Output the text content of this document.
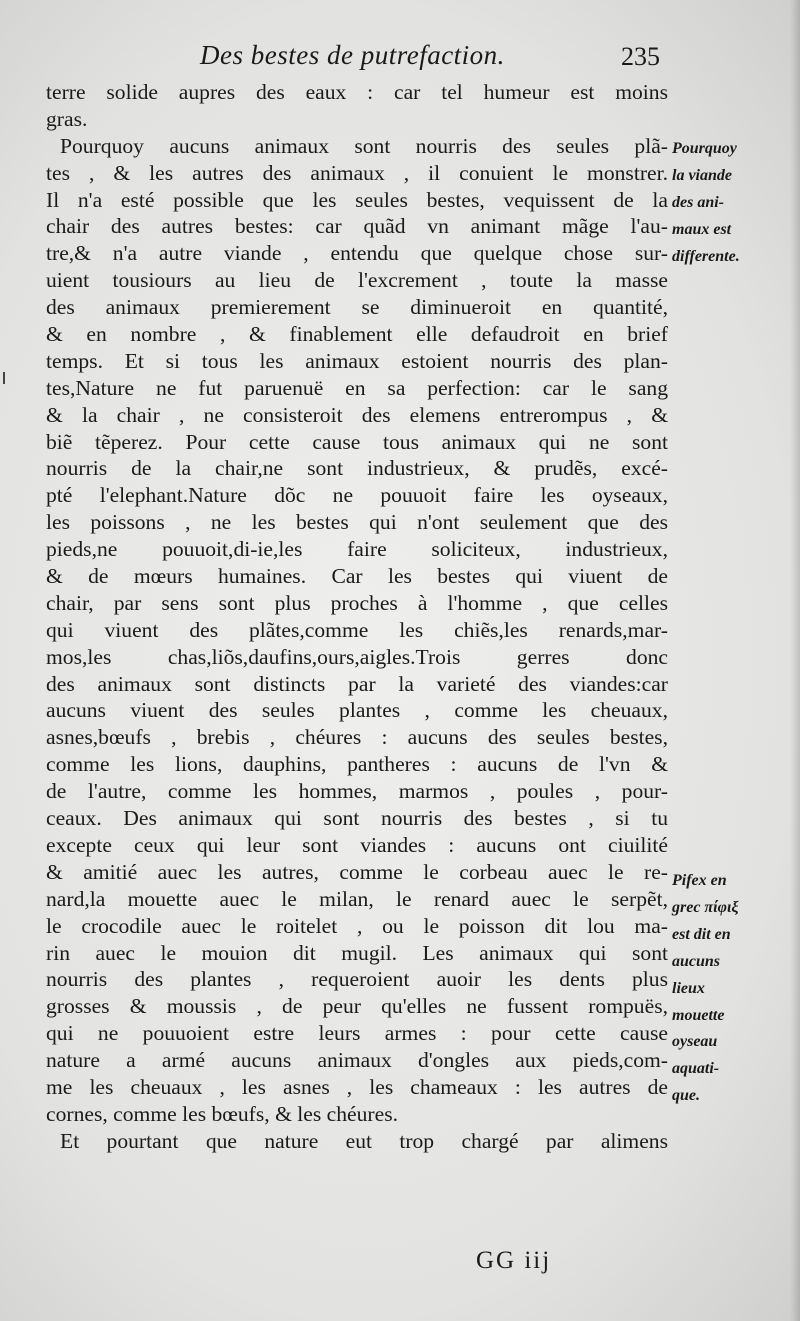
Des bestes de putrefaction.	235
terre solide aupres des eaux : car tel humeur est moins
gras.
Pourquoy aucuns animaux sont nourris des seules plã-
tes , & les autres des animaux , il conuient le monstrer.
Il n'a esté possible que les seules bestes, vequissent de la
chair des autres bestes: car quãd vn animant mãge l'au-
tre,& n'a autre viande , entendu que quelque chose sur-
uient tousiours au lieu de l'excrement , toute la masse
des animaux premierement se diminueroit en quantité,
& en nombre , & finablement elle defaudroit en brief
temps. Et si tous les animaux estoient nourris des plan-
tes,Nature ne fut paruenuë en sa perfection: car le sang
& la chair , ne consisteroit des elemens entrerompus , &
biẽ tẽperez. Pour cette cause tous animaux qui ne sont
nourris de la chair,ne sont industrieux, & prudẽs, excé-
pté l'elephant.Nature dõc ne pouuoit faire les oyseaux,
les poissons , ne les bestes qui n'ont seulement que des
pieds,ne pouuoit,di-ie,les faire soliciteux, industrieux,
& de mœurs humaines. Car les bestes qui viuent de
chair, par sens sont plus proches à l'homme , que celles
qui viuent des plãtes,comme les chiẽs,les renards,mar-
mos,les chas,liõs,daufins,ours,aigles.Trois gerres donc
des animaux sont distincts par la varieté des viandes:car
aucuns viuent des seules plantes , comme les cheuaux,
asnes,bœufs , brebis , chéures : aucuns des seules bestes,
comme les lions, dauphins, pantheres : aucuns de l'vn &
de l'autre, comme les hommes, marmos , poules , pour-
ceaux. Des animaux qui sont nourris des bestes , si tu
excepte ceux qui leur sont viandes : aucuns ont ciuilité
& amitié auec les autres, comme le corbeau auec le re-
nard,la mouette auec le milan, le renard auec le serpẽt,
le crocodile auec le roitelet , ou le poisson dit lou ma-
rin auec le mouion dit mugil. Les animaux qui sont
nourris des plantes , requeroient auoir les dents plus
grosses & moussis , de peur qu'elles ne fussent rompuës,
qui ne pouuoient estre leurs armes : pour cette cause
nature a armé aucuns animaux d'ongles aux pieds,com-
me les cheuaux , les asnes , les chameaux : les autres de
cornes, comme les bœufs, & les chéures.
Et pourtant que nature eut trop chargé par alimens
Pourquoy
la viande
des ani-
maux est
differente.
Pifex en
grec πίφιξ
est dit en
aucuns
lieux
mouette
oyseau
aquati-
que.
GG iij
